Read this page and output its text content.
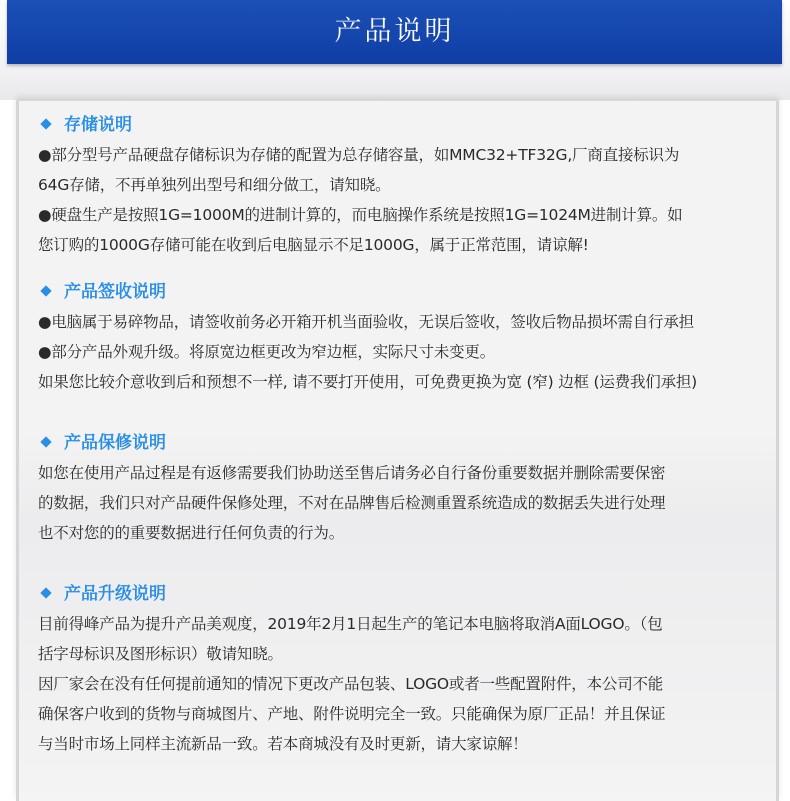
产品说明
存储说明
●部分型号产品硬盘存储标识为存储的配置为总存储容量，如MMC32+TF32G,厂商直接标识为
64G存储，不再单独列出型号和细分做工，请知晓。
●硬盘生产是按照1G=1000M的进制计算的，而电脑操作系统是按照1G=1024M进制计算。如
您订购的1000G存储可能在收到后电脑显示不足1000G，属于正常范围，请谅解!
产品签收说明
●电脑属于易碎物品，请签收前务必开箱开机当面验收，无误后签收，签收后物品损坏需自行承担
●部分产品外观升级。将原宽边框更改为窄边框，实际尺寸未变更。
如果您比较介意收到后和预想不一样, 请不要打开使用，可免费更换为宽 (窄) 边框 (运费我们承担)
产品保修说明
如您在使用产品过程是有返修需要我们协助送至售后请务必自行备份重要数据并删除需要保密
的数据，我们只对产品硬件保修处理，不对在品牌售后检测重置系统造成的数据丢失进行处理
也不对您的的重要数据进行任何负责的行为。
产品升级说明
目前得峰产品为提升产品美观度，2019年2月1日起生产的笔记本电脑将取消A面LOGO。（包
括字母标识及图形标识）敬请知晓。
因厂家会在没有任何提前通知的情况下更改产品包装、LOGO或者一些配置附件，本公司不能
确保客户收到的货物与商城图片、产地、附件说明完全一致。只能确保为原厂正品！并且保证
与当时市场上同样主流新品一致。若本商城没有及时更新，请大家谅解！
